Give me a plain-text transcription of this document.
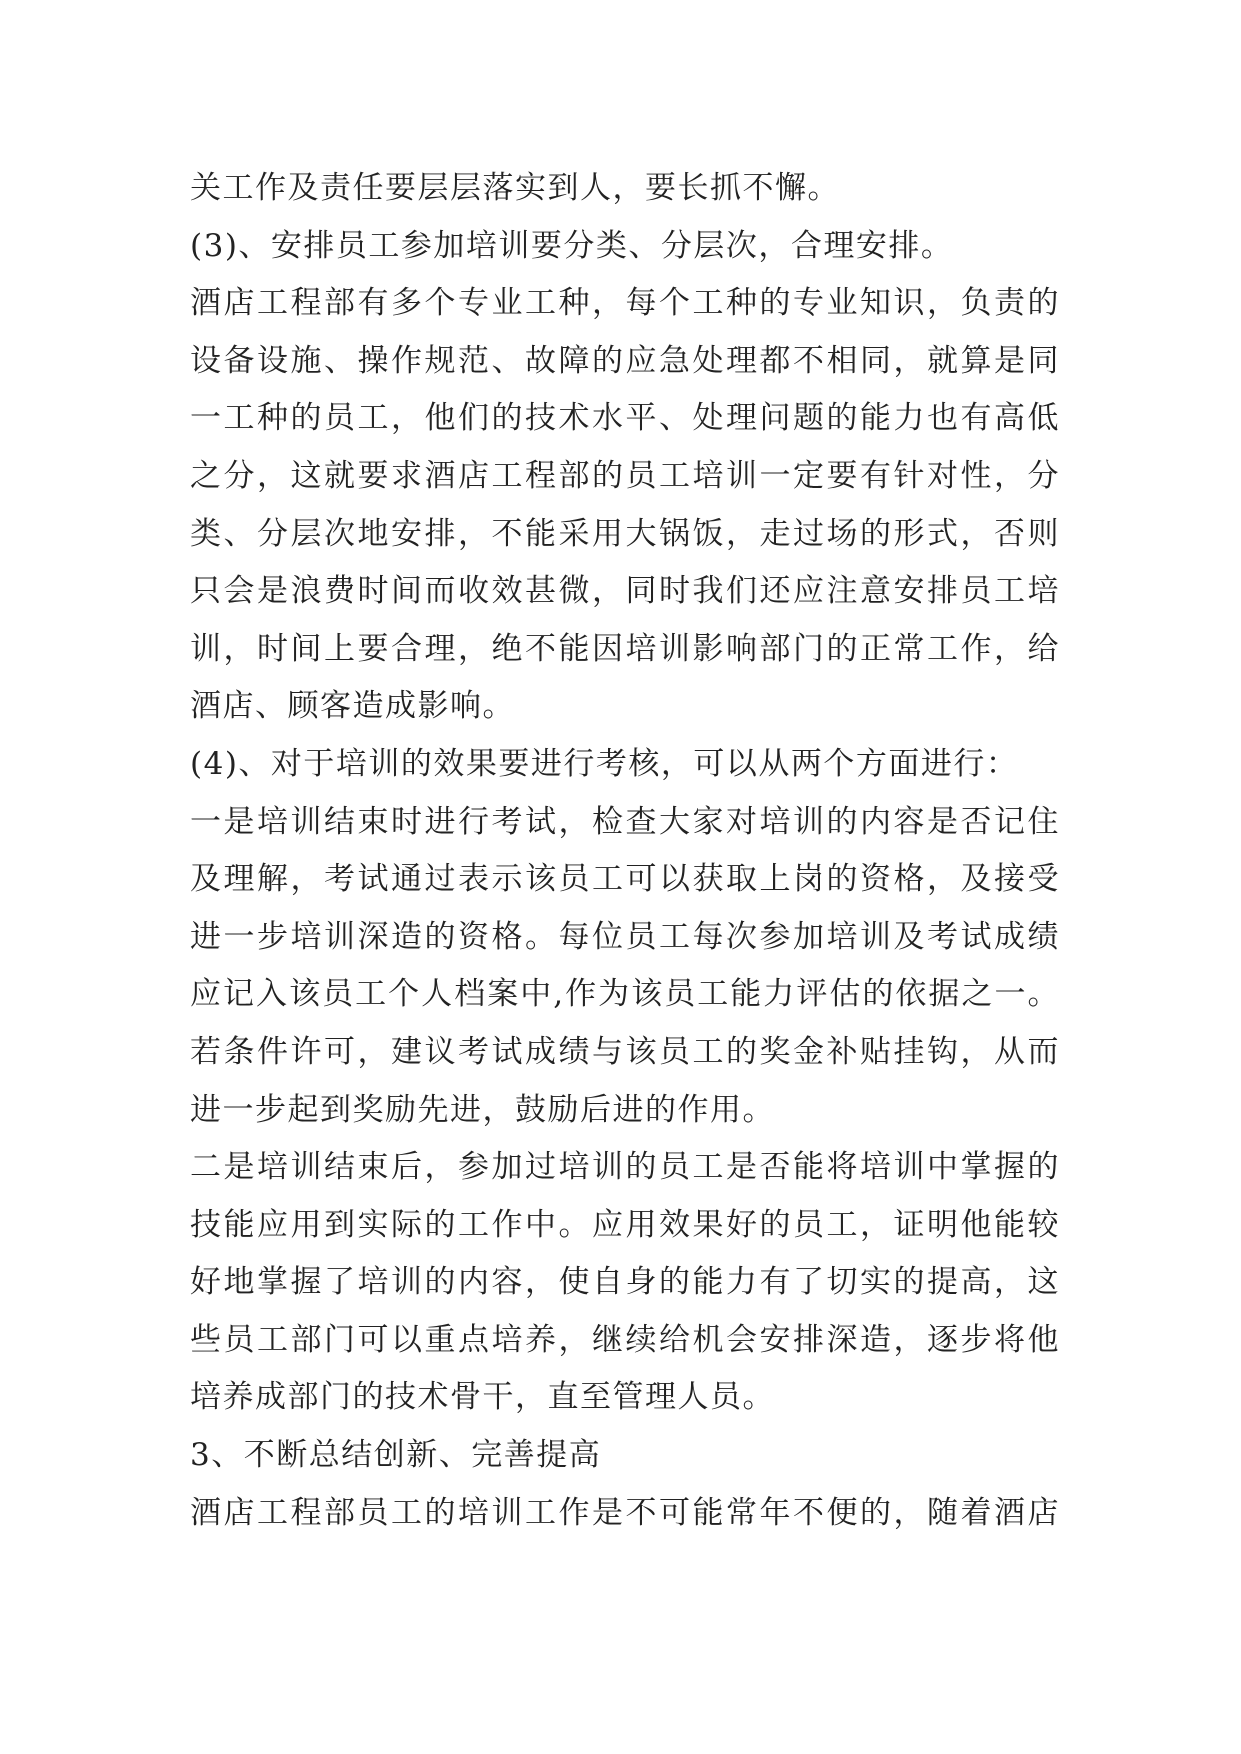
关工作及责任要层层落实到人，要长抓不懈。
(3)、安排员工参加培训要分类、分层次，合理安排。
酒店工程部有多个专业工种，每个工种的专业知识，负责的
设备设施、操作规范、故障的应急处理都不相同，就算是同
一工种的员工，他们的技术水平、处理问题的能力也有高低
之分，这就要求酒店工程部的员工培训一定要有针对性，分
类、分层次地安排，不能采用大锅饭，走过场的形式，否则
只会是浪费时间而收效甚微，同时我们还应注意安排员工培
训，时间上要合理，绝不能因培训影响部门的正常工作，给
酒店、顾客造成影响。
(4)、对于培训的效果要进行考核，可以从两个方面进行：
一是培训结束时进行考试，检查大家对培训的内容是否记住
及理解，考试通过表示该员工可以获取上岗的资格，及接受
进一步培训深造的资格。每位员工每次参加培训及考试成绩
应记入该员工个人档案中,作为该员工能力评估的依据之一。
若条件许可，建议考试成绩与该员工的奖金补贴挂钩，从而
进一步起到奖励先进，鼓励后进的作用。
二是培训结束后，参加过培训的员工是否能将培训中掌握的
技能应用到实际的工作中。应用效果好的员工，证明他能较
好地掌握了培训的内容，使自身的能力有了切实的提高，这
些员工部门可以重点培养，继续给机会安排深造，逐步将他
培养成部门的技术骨干，直至管理人员。
3、不断总结创新、完善提高
酒店工程部员工的培训工作是不可能常年不便的，随着酒店
